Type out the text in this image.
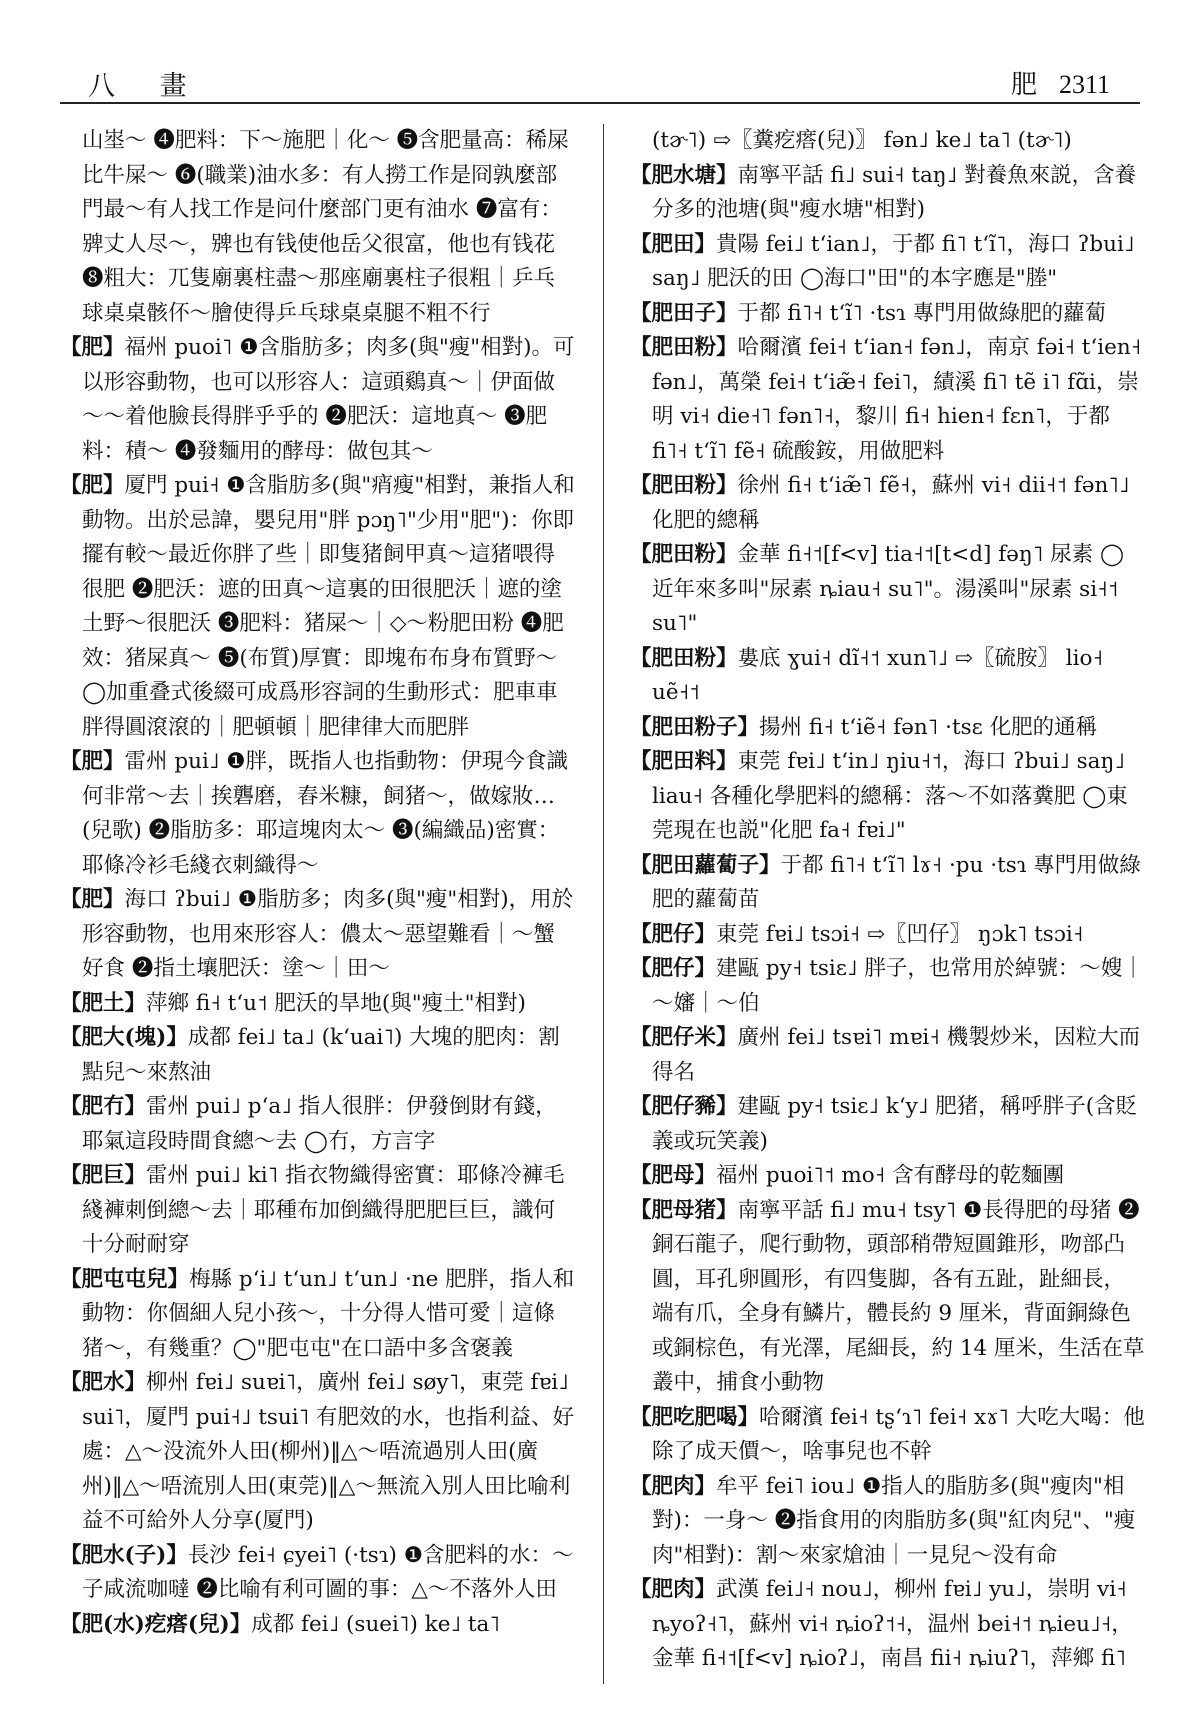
八 畫	肥 2311
山埊～ ❹肥料：下～施肥｜化～ ❺含肥量高：稀屎比牛屎～ ❻(職業)油水多：有人撈工作是冏孰麼部門最～有人找工作是问什麼部门更有油水 ❼富有：㗗丈人尽～，㗗也有钱使他岳父很富，他也有钱花 ❽粗大：兀隻廟裏柱盡～那座廟裏柱子很粗｜乒乓球桌桌骸伓～膾使得乒乓球桌桌腿不粗不行
【肥】福州 puoi˥ ❶含脂肪多；肉多(與"瘦"相對)。可以形容動物，也可以形容人：這頭鷄真～｜伊面做～～着他臉長得胖乎乎的 ❷肥沃：這地真～ ❸肥料：積～ ❹發麵用的酵母：做包其～
【肥】厦門 pui˧ ❶含脂肪多(與"痟瘦"相對，兼指人和動物。出於忌諱，嬰兒用"胖 pɔŋ˥"少用"肥")：你即擺有較～最近你胖了些｜即隻猪飼甲真～這猪喂得很肥 ❷肥沃：遮的田真～這裏的田很肥沃｜遮的塗土野～很肥沃 ❸肥料：猪屎～｜◇～粉肥田粉 ❹肥效：猪屎真～ ❺(布質)厚實：即塊布布身布質野～ ◯加重叠式後綴可成爲形容詞的生動形式：肥車車胖得圓滾滾的｜肥頓頓｜肥律律大而肥胖
【肥】雷州 pui˩ ❶胖，既指人也指動物：伊現今食識何非常～去｜挨礱磨，舂米糠，飼猪～，做嫁妝…(兒歌) ❷脂肪多：耶這塊肉太～ ❸(編織品)密實：耶條冷衫毛綫衣刺織得～
【肥】海口 ʔbui˩ ❶脂肪多；肉多(與"瘦"相對)，用於形容動物，也用來形容人：儂太～惡望難看｜～蟹好食 ❷指土壤肥沃：塗～｜田～
【肥土】萍鄉 fi˧ tʻu˦ 肥沃的旱地(與"瘦土"相對)
【肥大(塊)】成都 fei˩ ta˩ (kʻuai˥) 大塊的肥肉：割點兒～來熬油
【肥冇】雷州 pui˩ pʻa˩ 指人很胖：伊發倒財有錢，耶氣這段時間食總～去 ◯冇，方言字
【肥巨】雷州 pui˩ ki˥ 指衣物織得密實：耶條冷褲毛綫褲刺倒總～去｜耶種布加倒織得肥肥巨巨，識何十分耐耐穿
【肥屯屯兒】梅縣 pʻi˩ tʻun˩ tʻun˩ ·ne 肥胖，指人和動物：你個細人兒小孩～，十分得人惜可愛｜這條猪～，有幾重？◯"肥屯屯"在口語中多含褒義
【肥水】柳州 fɐi˩ suɐi˥，廣州 fei˩ søy˥，東莞 fɐi˩ sui˥，厦門 pui˧˩ tsui˥ 有肥效的水，也指利益、好處：△～没流外人田(柳州)‖△～唔流過別人田(廣州)‖△～唔流別人田(東莞)‖△～無流入別人田比喻利益不可給外人分享(厦門)
【肥水(子)】長沙 fei˧ ɕyei˥ (·tsɿ) ❶含肥料的水：～子咸流咖噠 ❷比喻有利可圖的事：△～不落外人田
【肥(水)疙瘩(兒)】成都 fei˩ (suei˥) ke˩ ta˥
(tɚ˥) ⇨〖糞疙瘩(兒)〗 fən˩ ke˩ ta˥ (tɚ˥)
【肥水塘】南寧平話 fi˩ sui˧ taŋ˩ 對養魚來説，含養分多的池塘(與"瘦水塘"相對)
【肥田】貴陽 fei˩ tʻian˩，于都 fi˥ tʻĩ˥，海口 ʔbui˩ saŋ˩ 肥沃的田 ◯海口"田"的本字應是"塍"
【肥田子】于都 fi˥˧ tʻĩ˥ ·tsɿ 專門用做綠肥的蘿蔔
【肥田粉】哈爾濱 fei˧ tʻian˧ fən˩，南京 fəi˧ tʻien˧ fən˩，萬榮 fei˧ tʻiæ̃˧ fei˥，績溪 fi˥ tẽ i˥ fɑ̃i，崇明 vi˧ die˧˥ fən˥˧，黎川 fi˧ hien˧ fɛn˥，于都 fi˥˧ tʻĩ˥ fẽ˧ 硫酸銨，用做肥料
【肥田粉】徐州 fi˧ tʻiæ̃˥ fẽ˧，蘇州 vi˧ dii˧˦ fən˥˩ 化肥的總稱
【肥田粉】金華 fi˧˦[f<v] tia˧˦[t<d] fəŋ˥ 尿素 ◯近年來多叫"尿素 ȵiau˧ su˥"。湯溪叫"尿素 si˧˦ su˥"
【肥田粉】婁底 ɣui˧ dĩ˧˦ xun˥˩ ⇨〖硫胺〗 lio˧ uẽ˧˦
【肥田粉子】揚州 fi˧ tʻiẽ˧ fən˥ ·tsɛ 化肥的通稱
【肥田料】東莞 fɐi˩ tʻin˩ ŋiu˧˦，海口 ʔbui˩ saŋ˩ liau˧ 各種化學肥料的總稱：落～不如落糞肥 ◯東莞現在也説"化肥 fa˧ fɐi˩"
【肥田蘿蔔子】于都 fi˥˧ tʻĩ˥ lɤ˧ ·pu ·tsɿ 專門用做綠肥的蘿蔔苗
【肥仔】東莞 fɐi˩ tsɔi˧ ⇨〖凹仔〗 ŋɔk˥ tsɔi˧
【肥仔】建甌 py˧ tsiɛ˩ 胖子，也常用於綽號：～嫂｜～嬸｜～伯
【肥仔米】廣州 fei˩ tsɐi˥ mɐi˧ 機製炒米，因粒大而得名
【肥仔豨】建甌 py˧ tsiɛ˩ kʻy˩ 肥猪，稱呼胖子(含貶義或玩笑義)
【肥母】福州 puoi˥˦ mo˧ 含有酵母的乾麵團
【肥母猪】南寧平話 fi˩ mu˧ tsy˥ ❶長得肥的母猪 ❷銅石龍子，爬行動物，頭部稍帶短圓錐形，吻部凸圓，耳孔卵圓形，有四隻脚，各有五趾，趾細長，端有爪，全身有鱗片，體長約 9 厘米，背面銅綠色或銅棕色，有光澤，尾細長，約 14 厘米，生活在草叢中，捕食小動物
【肥吃肥喝】哈爾濱 fei˧ tʂʻɿ˥ fei˧ xɤ˥ 大吃大喝：他除了成天價～，啥事兒也不幹
【肥肉】牟平 fei˥ iou˩ ❶指人的脂肪多(與"瘦肉"相對)：一身～ ❷指食用的肉脂肪多(與"紅肉兒"、"瘦肉"相對)：割～來家熗油｜一見兒～没有命
【肥肉】武漢 fei˩˧ nou˩，柳州 fɐi˩ yu˩，崇明 vi˧ ȵyoʔ˧˥，蘇州 vi˧ ȵioʔ˦˧，温州 bei˧˦ ȵieu˩˧，金華 fi˧˦[f<v] ȵioʔ˩，南昌 fii˧ ȵiuʔ˥，萍鄉 fi˥
